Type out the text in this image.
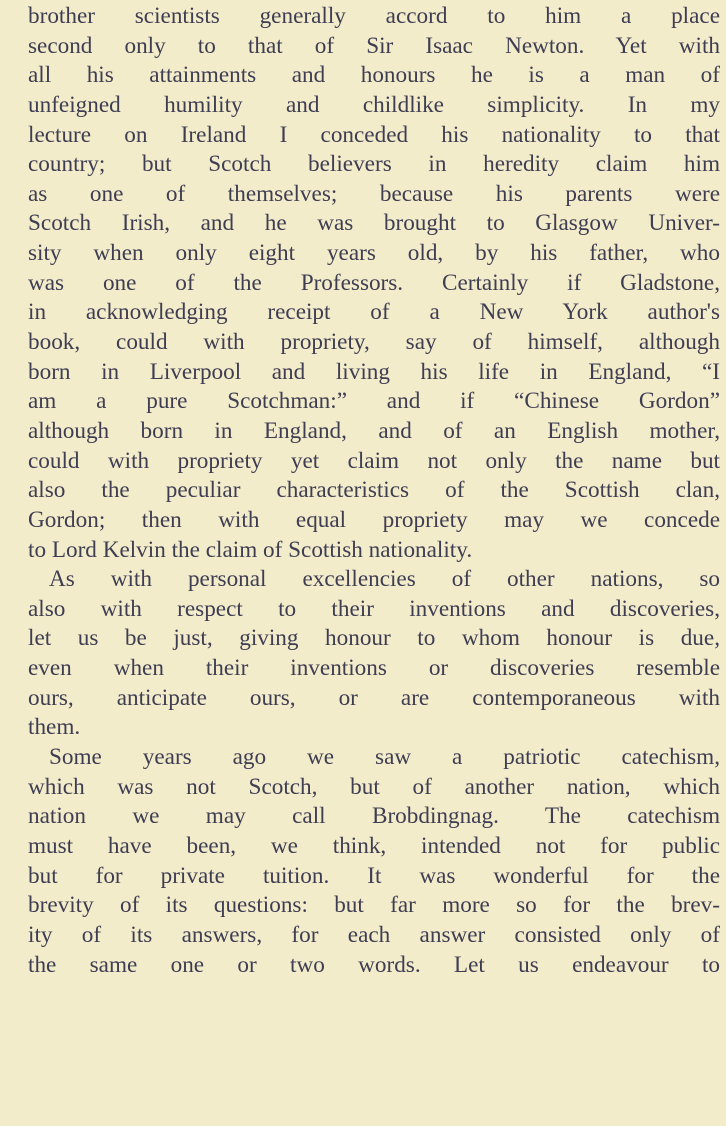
brother scientists generally accord to him a place
second only to that of Sir Isaac Newton. Yet with
all his attainments and honours he is a man of
unfeigned humility and childlike simplicity. In my
lecture on Ireland I conceded his nationality to that
country; but Scotch believers in heredity claim him
as one of themselves; because his parents were
Scotch Irish, and he was brought to Glasgow Univer-
sity when only eight years old, by his father, who
was one of the Professors. Certainly if Gladstone,
in acknowledging receipt of a New York author's
book, could with propriety, say of himself, although
born in Liverpool and living his life in England, “I
am a pure Scotchman:” and if “Chinese Gordon”
although born in England, and of an English mother,
could with propriety yet claim not only the name but
also the peculiar characteristics of the Scottish clan,
Gordon; then with equal propriety may we concede
to Lord Kelvin the claim of Scottish nationality.
As with personal excellencies of other nations, so
also with respect to their inventions and discoveries,
let us be just, giving honour to whom honour is due,
even when their inventions or discoveries resemble
ours, anticipate ours, or are contemporaneous with
them.
Some years ago we saw a patriotic catechism,
which was not Scotch, but of another nation, which
nation we may call Brobdingnag. The catechism
must have been, we think, intended not for public
but for private tuition. It was wonderful for the
brevity of its questions: but far more so for the brev-
ity of its answers, for each answer consisted only of
the same one or two words. Let us endeavour to
